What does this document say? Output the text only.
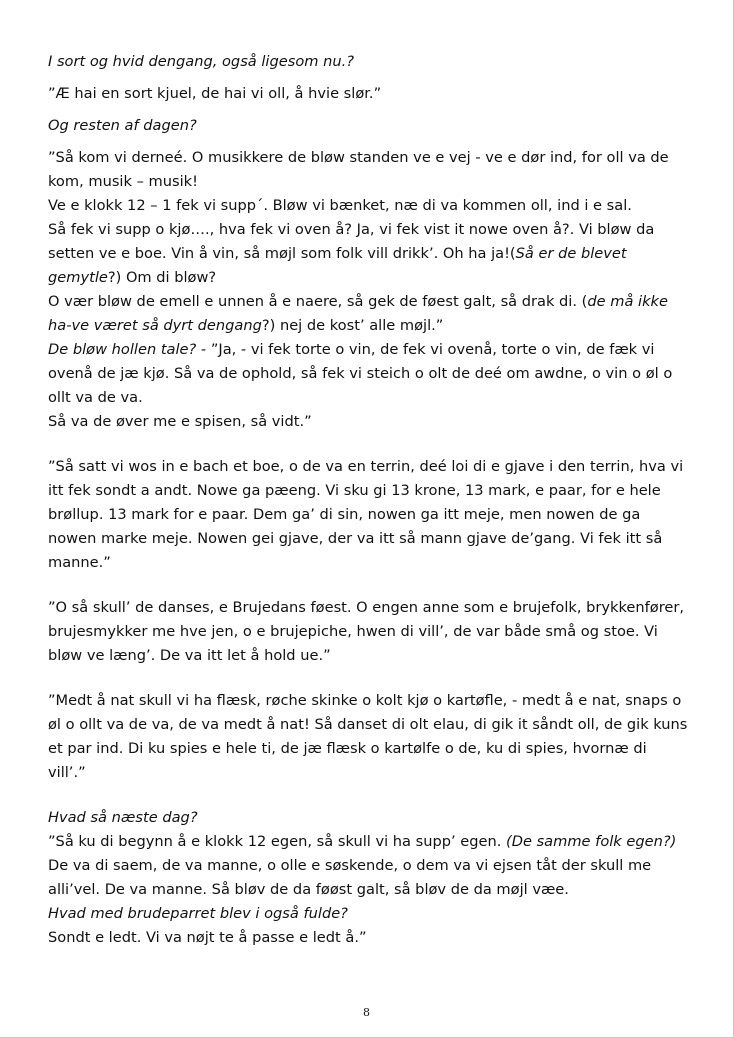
I sort og hvid dengang, også ligesom nu.?

”Æ hai en sort kjuel, de hai vi oll, å hvie slør.”

Og resten af dagen?

”Så kom vi derneé. O musikkere de bløw standen ve e vej - ve e dør ind, for oll va de kom, musik – musik!

Ve e klokk 12 – 1 fek vi supp´. Bløw vi bænket, næ di va kommen oll, ind i e sal.

Så fek vi supp o kjø…., hva fek vi oven å? Ja, vi fek vist it nowe oven å?. Vi bløw da setten ve e boe. Vin å vin, så møjl som folk vill drikk’. Oh ha ja!(Så er de blevet gemytle?) Om di bløw?

O vær bløw de emell e unnen å e naere, så gek de føest galt, så drak di. (de må ikke ha-ve været så dyrt dengang?) nej de kost’ alle møjl.”

De bløw hollen tale? - ”Ja, - vi fek torte o vin, de fek vi ovenå, torte o vin, de fæk vi ovenå de jæ kjø. Så va de ophold, så fek vi steich o olt de deé om awdne, o vin o øl o ollt va de va.

Så va de øver me e spisen, så vidt.”

”Så satt vi wos in e bach et boe, o de va en terrin, deé loi di e gjave i den terrin, hva vi itt fek sondt a andt. Nowe ga pæeng. Vi sku gi 13 krone, 13 mark, e paar, for e hele brøllup. 13 mark for e paar. Dem ga’ di sin, nowen ga itt meje, men nowen de ga nowen marke meje. Nowen gei gjave, der va itt så mann gjave de’gang. Vi fek itt så manne.”

”O så skull’ de danses, e Brujedans føest. O engen anne som e brujefolk, brykkenfører, brujesmykker me hve jen, o e brujepiche, hwen di vill’, de var både små og stoe. Vi bløw ve læng’. De va itt let å hold ue.”

”Medt å nat skull vi ha flæsk, røche skinke o kolt kjø o kartøfle, - medt å e nat, snaps o øl o ollt va de va, de va medt å nat! Så danset di olt elau, di gik it såndt oll, de gik kuns et par ind. Di ku spies e hele ti, de jæ flæsk o kartølfe o de, ku di spies, hvornæ di vill’.”

Hvad så næste dag?

”Så ku di begynn å e klokk 12 egen, så skull vi ha supp’ egen. (De samme folk egen?) De va di saem, de va manne, o olle e søskende, o dem va vi ejsen tåt der skull me alli’vel. De va manne. Så bløv de da føøst galt, så bløv de da møjl væe.

Hvad med brudeparret blev i også fulde?

Sondt e ledt. Vi va nøjt te å passe e ledt å.”

8
